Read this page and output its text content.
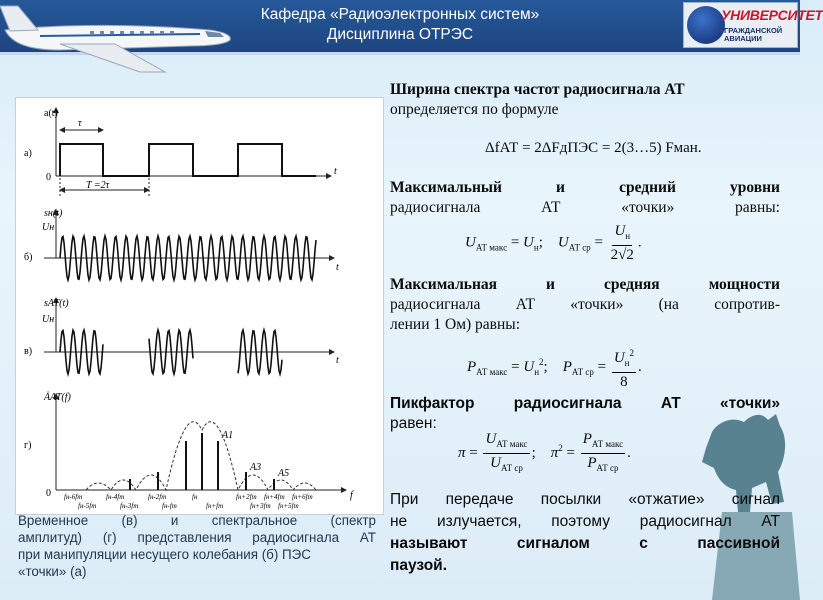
Кафедра «Радиоэлектронных систем»
Дисциплина ОТРЭС
УНИВЕРСИТЕТ
ГРАЖДАНСКОЙ
АВИАЦИИ
a(t)
а)
0
t
τ
T =2τ
sн(t)
Uн
б)
t
sАТ(t)
Uн
в)
t
ȦАТ(f)
г)
0	f
A1
A3
A5
fн-6fт	fн-4fт	fн-2fт	fн	fн+2fт fн+4fт fн+6fт
fн-5fт	fн-3fт	fн-fт	fн+fт	fн+3fт fн+5fт
Временное (в) и спектральное (спектр
амплитуд) (г) представления радиосигнала АТ
при манипуляции несущего колебания (б) ПЭС
«точки» (а)
Ширина спектра частот радиосигнала АТ
определяется по формуле
ΔfАТ = 2ΔFдПЭС = 2(3…5) Fман.
Максимальный и средний уровни
радиосигнала АТ «точки» равны:
$U_{АТ макс} = U_н$;    $U_{АТ ср} = \frac{U_н}{2√2}$ .
Максимальная и средняя мощности
радиосигнала АТ «точки» (на сопротив-
лении 1 Ом) равны:
$P_{АТ макс} = U_н^2$;    $P_{АТ ср} = \frac{U_н^2}{8}$ .
Пикфактор радиосигнала АТ «точки»
равен:
$\pi = \frac{U_{АТ макс}}{U_{АТ ср}}$ ;    $\pi^2 = \frac{P_{АТ макс}}{P_{АТ ср}}$ .
При передаче посылки «отжатие» сигнал
не излучается, поэтому радиосигнал АТ
называют сигналом с пассивной
паузой.
